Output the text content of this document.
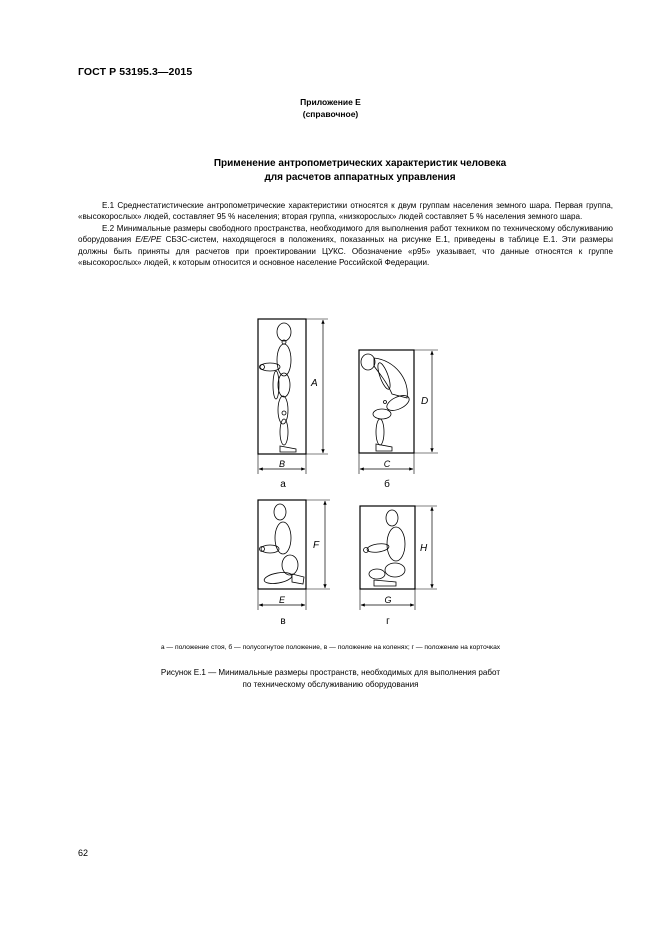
ГОСТ Р 53195.3—2015
Приложение Е
(справочное)
Применение антропометрических характеристик человека
для расчетов аппаратных управления

Е.1 Среднестатистические антропометрические характеристики относятся к двум группам населения земного шара. Первая группа, «высокорослых» людей, составляет 95 % населения; вторая группа, «низкорослых» людей составляет 5 % населения земного шара.

Е.2 Минимальные размеры свободного пространства, необходимого для выполнения работ техником по техническому обслуживанию оборудования E/E/PE СБЗС-систем, находящегося в положениях, показанных на рисунке Е.1, приведены в таблице Е.1. Эти размеры должны быть приняты для расчетов при проектировании ЦУКС. Обозначение «р95» указывает, что данные относятся к группе «высокорослых» людей, к которым относится и основное население Российской Федерации.

A
B
а
D
C
б
F
E
в
H
G
г
а — положение стоя, б — полусогнутое положение, в — положение на коленях; г — положение на корточках
Рисунок Е.1 — Минимальные размеры пространств, необходимых для выполнения работ
по техническому обслуживанию оборудования
62
